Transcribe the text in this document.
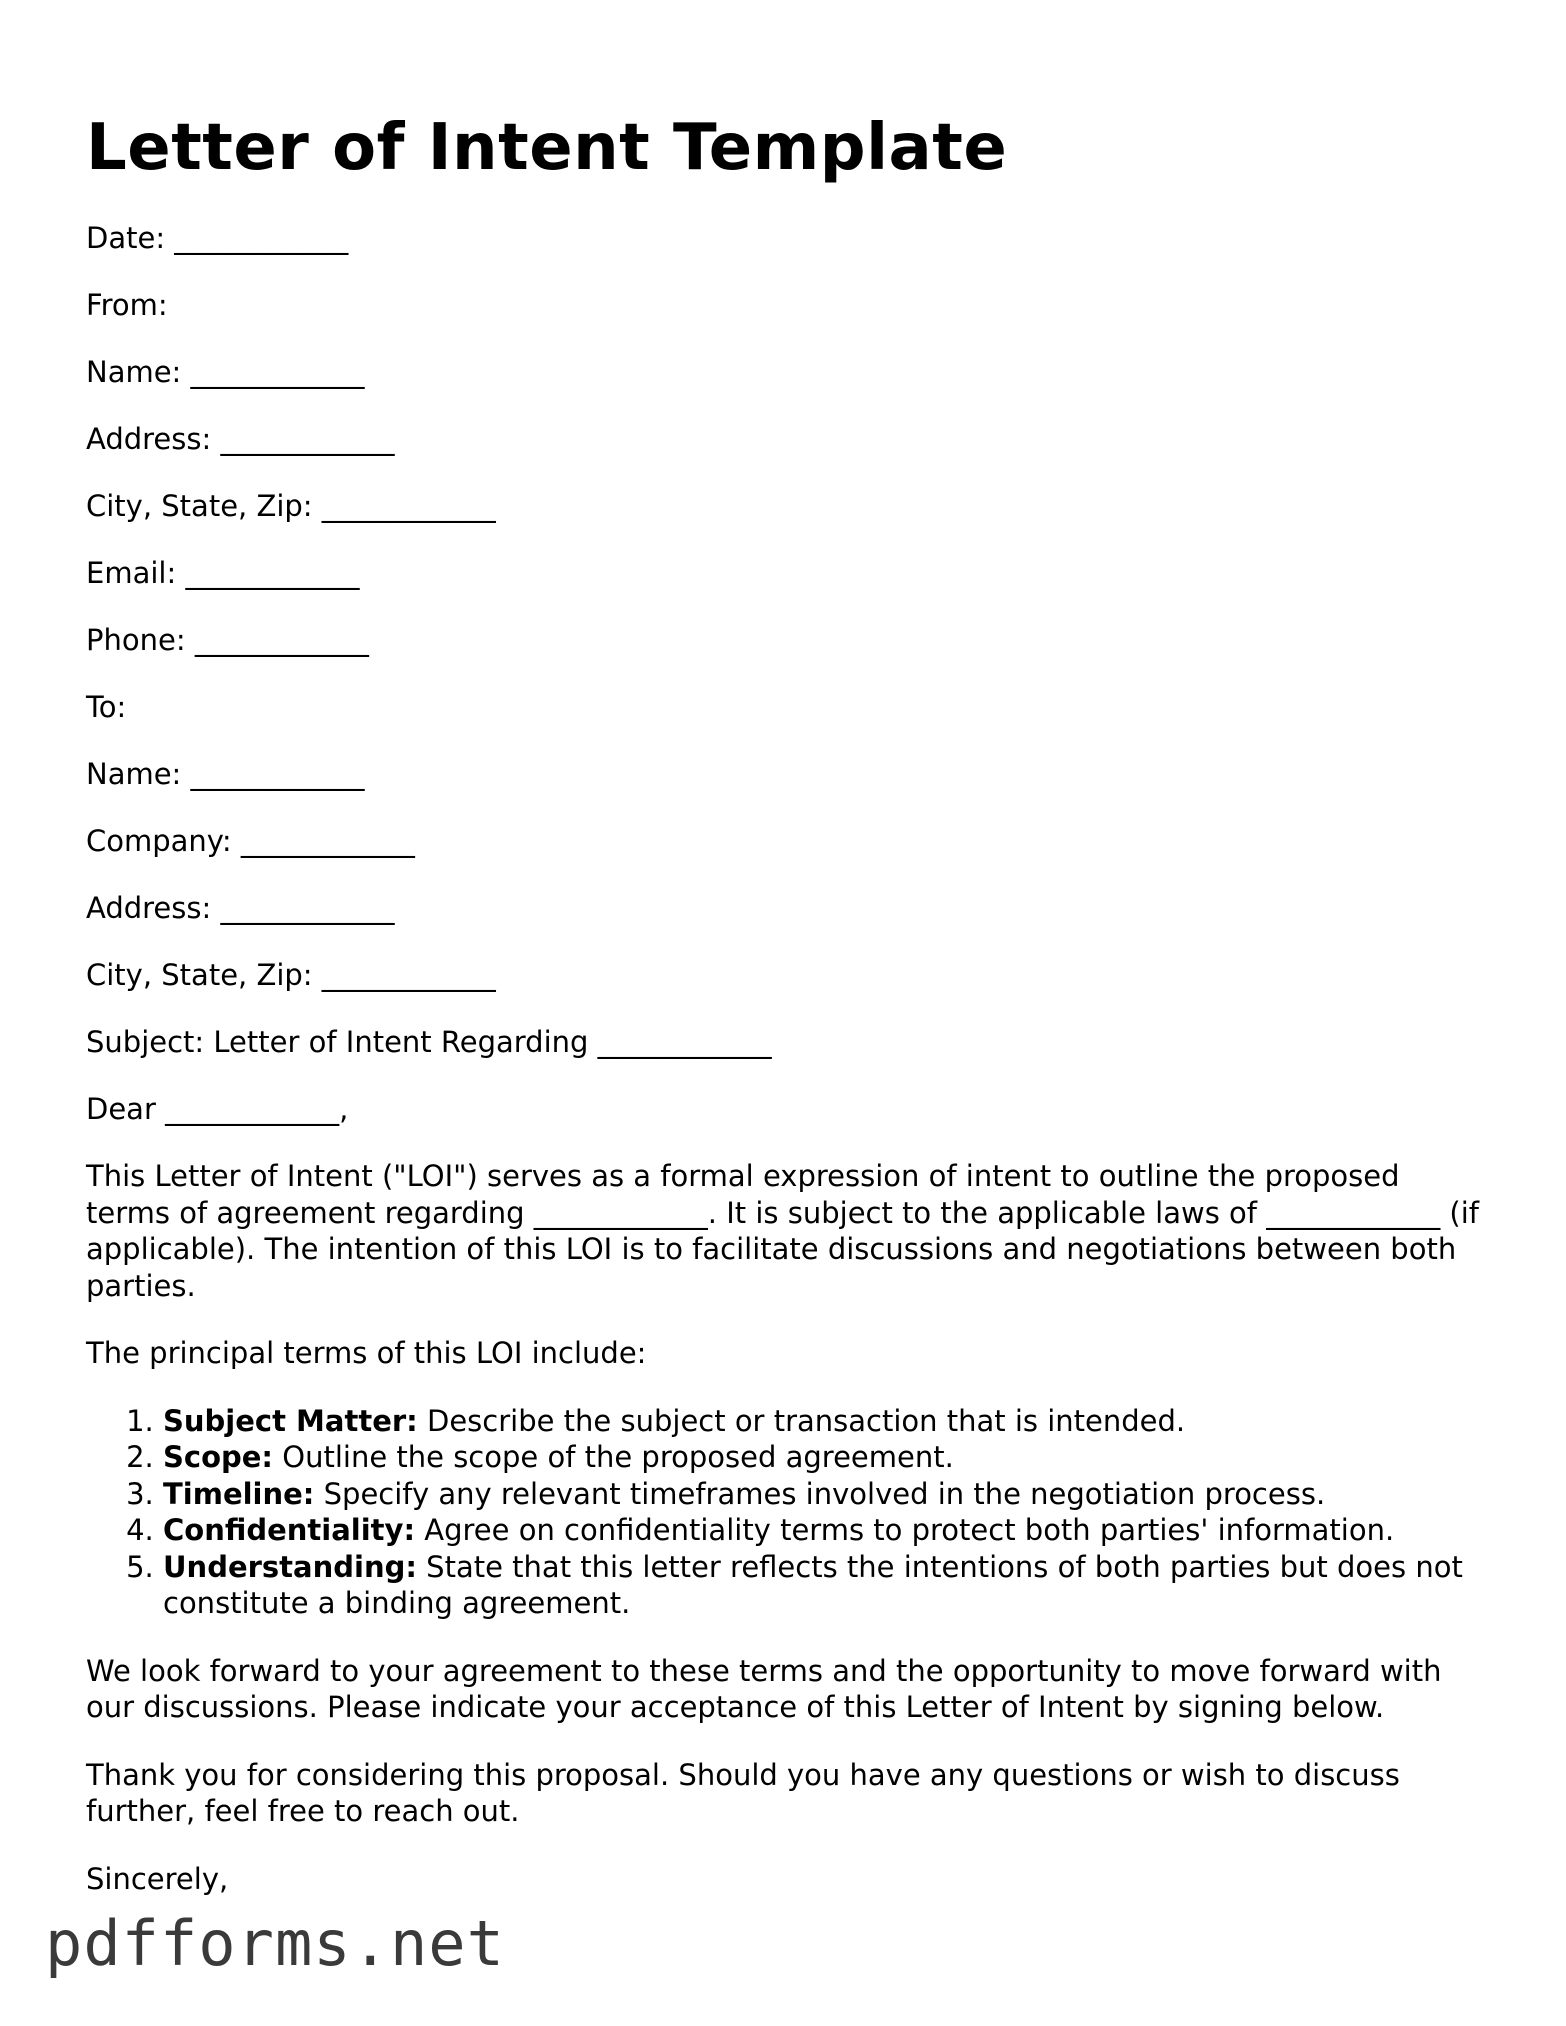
Letter of Intent Template

Date: ____________

From:

Name: ____________

Address: ____________

City, State, Zip: ____________

Email: ____________

Phone: ____________

To:

Name: ____________

Company: ____________

Address: ____________

City, State, Zip: ____________

Subject: Letter of Intent Regarding ____________

Dear ____________,

This Letter of Intent ("LOI") serves as a formal expression of intent to outline the proposed terms of agreement regarding ____________. It is subject to the applicable laws of ____________ (if applicable). The intention of this LOI is to facilitate discussions and negotiations between both parties.

The principal terms of this LOI include:

1. Subject Matter: Describe the subject or transaction that is intended.
2. Scope: Outline the scope of the proposed agreement.
3. Timeline: Specify any relevant timeframes involved in the negotiation process.
4. Confidentiality: Agree on confidentiality terms to protect both parties' information.
5. Understanding: State that this letter reflects the intentions of both parties but does not constitute a binding agreement.

We look forward to your agreement to these terms and the opportunity to move forward with our discussions. Please indicate your acceptance of this Letter of Intent by signing below.

Thank you for considering this proposal. Should you have any questions or wish to discuss further, feel free to reach out.

Sincerely,

pdfforms.net
